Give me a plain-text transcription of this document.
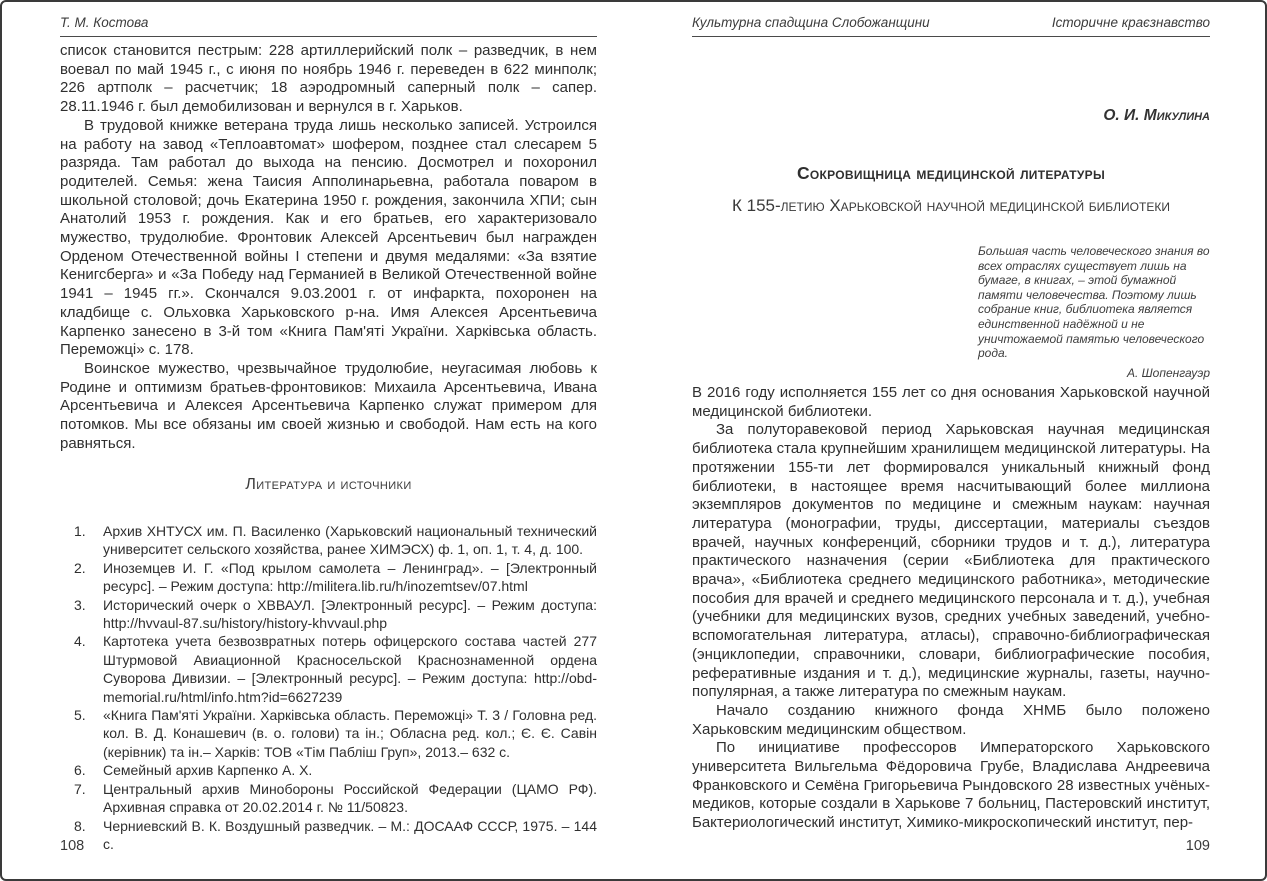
Т. М. Костова

список становится пестрым: 228 артиллерийский полк – разведчик, в нем воевал по май 1945 г., с июня по ноябрь 1946 г. переведен в 622 минполк; 226 артполк – расчетчик; 18 аэродромный саперный полк – сапер. 28.11.1946 г. был демобилизован и вернулся в г. Харьков.

В трудовой книжке ветерана труда лишь несколько записей. Устроился на работу на завод «Теплоавтомат» шофером, позднее стал слесарем 5 разряда. Там работал до выхода на пенсию. Досмотрел и похоронил родителей. Семья: жена Таисия Апполинарьевна, работала поваром в школьной столовой; дочь Екатерина 1950 г. рождения, закончила ХПИ; сын Анатолий 1953 г. рождения. Как и его братьев, его характеризовало мужество, трудолюбие. Фронтовик Алексей Арсентьевич был награжден Орденом Отечественной войны I степени и двумя медалями: «За взятие Кенигсберга» и «За Победу над Германией в Великой Отечественной войне 1941 – 1945 гг.». Скончался 9.03.2001 г. от инфаркта, похоронен на кладбище с. Ольховка Харьковского р-на. Имя Алексея Арсентьевича Карпенко занесено в 3-й том «Книга Пам'яті України. Харківська область. Переможці» с. 178.

Воинское мужество, чрезвычайное трудолюбие, неугасимая любовь к Родине и оптимизм братьев-фронтовиков: Михаила Арсентьевича, Ивана Арсентьевича и Алексея Арсентьевича Карпенко служат примером для потомков. Мы все обязаны им своей жизнью и свободой. Нам есть на кого равняться.

Литература и источники
1.	Архив ХНТУСХ им. П. Василенко (Харьковский национальный технический университет сельского хозяйства, ранее ХИМЭСХ) ф. 1, оп. 1, т. 4, д. 100.
2.	Иноземцев И. Г. «Под крылом самолета – Ленинград». – [Электронный ресурс]. – Режим доступа: http://militera.lib.ru/h/inozemtsev/07.html
3.	Исторический очерк о ХВВАУЛ. [Электронный ресурс]. – Режим доступа: http://hvvaul-87.su/history/history-khvvaul.php
4.	Картотека учета безвозвратных потерь офицерского состава частей 277 Штурмовой Авиационной Красносельской Краснознаменной ордена Суворова Дивизии. – [Электронный ресурс]. – Режим доступа: http://obd-memorial.ru/html/info.htm?id=6627239
5.	«Книга Пам'яті України. Харківська область. Переможці» Т. 3 / Головна ред. кол. В. Д. Конашевич (в. о. голови) та ін.; Обласна ред. кол.; Є. Є. Савін (керівник) та ін.– Харків: ТОВ «Тім Пабліш Груп», 2013.– 632 с.
6.	Семейный архив Карпенко А. Х.
7.	Центральный архив Минобороны Российской Федерации (ЦАМО РФ). Архивная справка от 20.02.2014 г. № 11/50823.
8.	Черниевский В. К. Воздушный разведчик. – М.: ДОСААФ СССР, 1975. – 144 с.
108
Культурна спадщина Слобожанщини	Історичне краєзнавство
О. И. Микулина
Сокровищница медицинской литературы
К 155-летию Харьковской научной медицинской библиотеки
Большая часть человеческого знания во всех отраслях существует лишь на бумаге, в книгах, – этой бумажной памяти человечества. Поэтому лишь собрание книг, библиотека является единственной надёжной и не уничтожаемой памятью человеческого рода.
А. Шопенгауэр

В 2016 году исполняется 155 лет со дня основания Харьковской научной медицинской библиотеки.

За полуторавековой период Харьковская научная медицинская библиотека стала крупнейшим хранилищем медицинской литературы. На протяжении 155-ти лет формировался уникальный книжный фонд библиотеки, в настоящее время насчитывающий более миллиона экземпляров документов по медицине и смежным наукам: научная литература (монографии, труды, диссертации, материалы съездов врачей, научных конференций, сборники трудов и т. д.), литература практического назначения (серии «Библиотека для практического врача», «Библиотека среднего медицинского работника», методические пособия для врачей и среднего медицинского персонала и т. д.), учебная (учебники для медицинских вузов, средних учебных заведений, учебно-вспомогательная литература, атласы), справочно-библиографическая (энциклопедии, справочники, словари, библиографические пособия, реферативные издания и т. д.), медицинские журналы, газеты, научно-популярная, а также литература по смежным наукам.

Начало созданию книжного фонда ХНМБ было положено Харьковским медицинским обществом.

По инициативе профессоров Императорского Харьковского университета Вильгельма Фёдоровича Грубе, Владислава Андреевича Франковского и Семёна Григорьевича Рындовского 28 известных учёных-медиков, которые создали в Харькове 7 больниц, Пастеровский институт, Бактериологический институт, Химико-микроскопический институт, пер-

109
